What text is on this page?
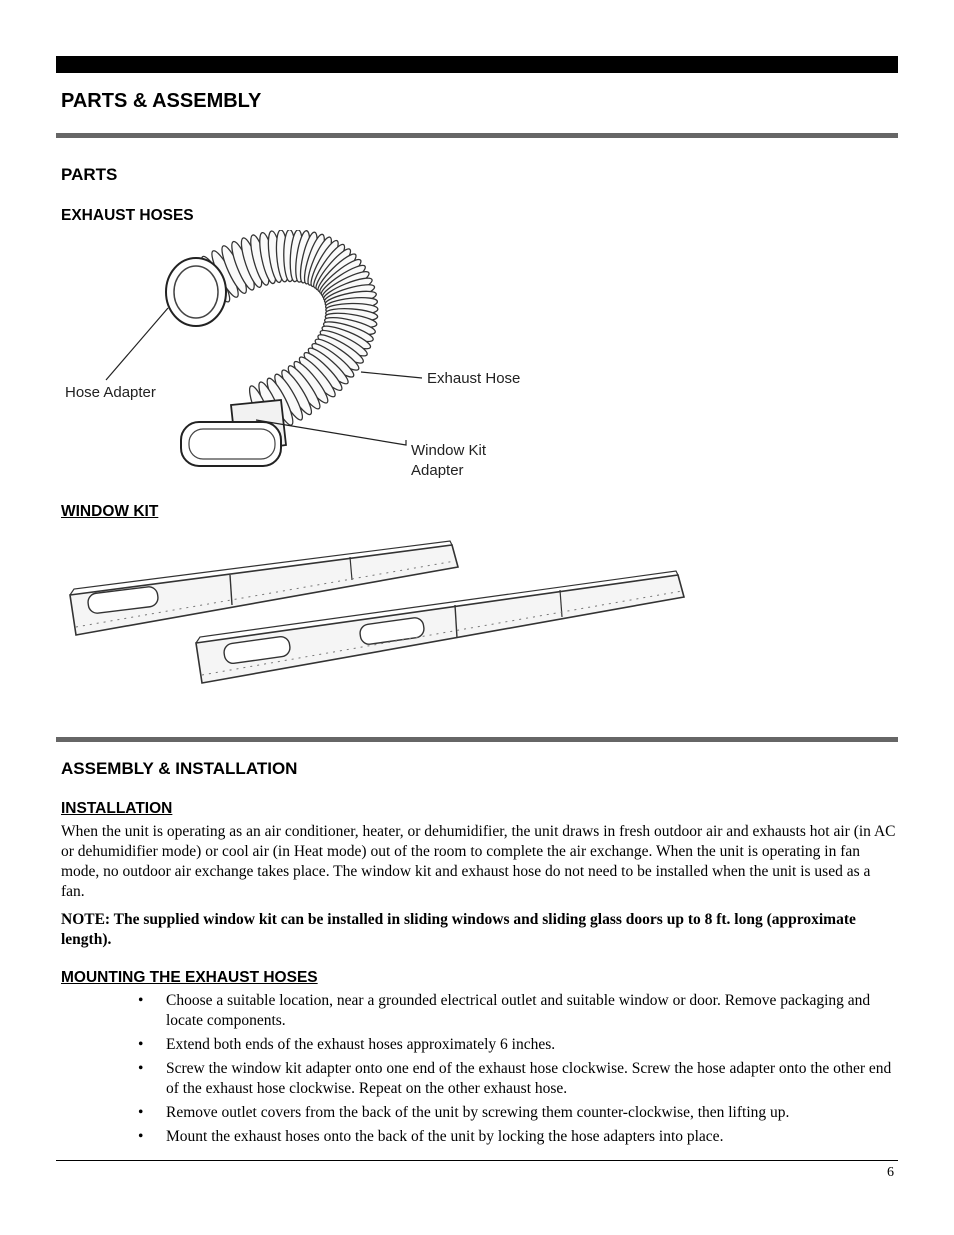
PARTS & ASSEMBLY
PARTS
EXHAUST HOSES
Hose Adapter
Exhaust Hose
Window Kit
Adapter
WINDOW KIT
ASSEMBLY & INSTALLATION
INSTALLATION
When the unit is operating as an air conditioner, heater, or dehumidifier, the unit draws in fresh outdoor air and exhausts hot air (in AC or dehumidifier mode) or cool air (in Heat mode) out of the room to complete the air exchange. When the unit is operating in fan mode, no outdoor air exchange takes place. The window kit and exhaust hose do not need to be installed when the unit is used as a fan.
NOTE: The supplied window kit can be installed in sliding windows and sliding glass doors up to 8 ft. long (approximate length).
MOUNTING THE EXHAUST HOSES
• Choose a suitable location, near a grounded electrical outlet and suitable window or door. Remove packaging and locate components.
• Extend both ends of the exhaust hoses approximately 6 inches.
• Screw the window kit adapter onto one end of the exhaust hose clockwise. Screw the hose adapter onto the other end of the exhaust hose clockwise. Repeat on the other exhaust hose.
• Remove outlet covers from the back of the unit by screwing them counter-clockwise, then lifting up.
• Mount the exhaust hoses onto the back of the unit by locking the hose adapters into place.
6
